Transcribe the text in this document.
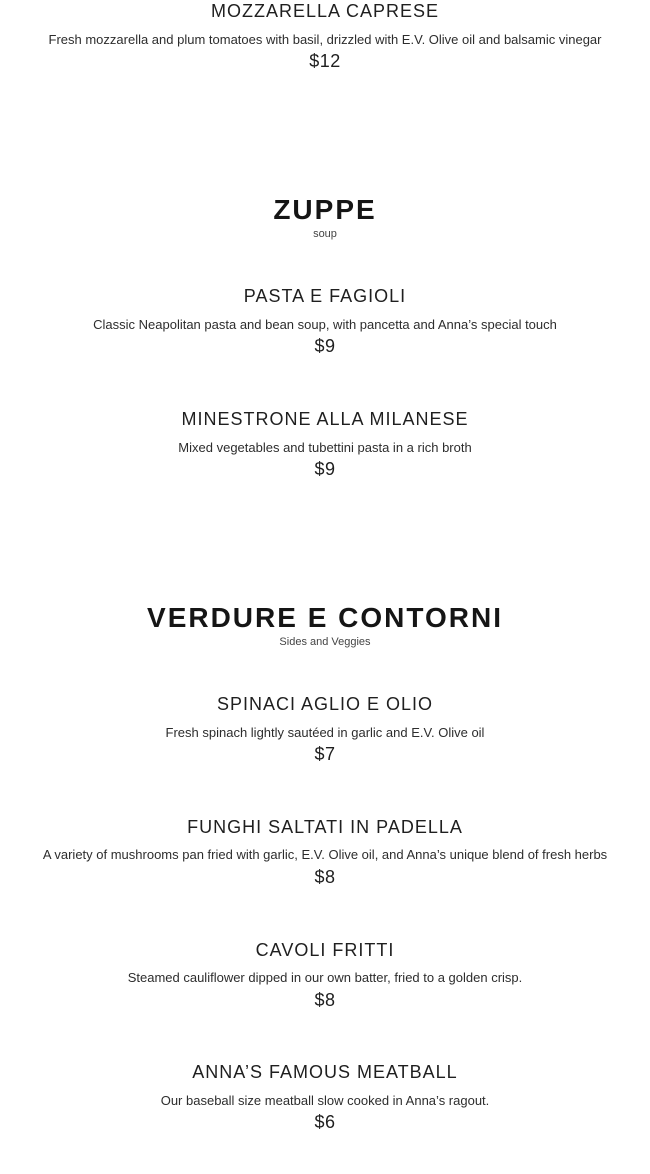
MOZZARELLA CAPRESE
Fresh mozzarella and plum tomatoes with basil, drizzled with E.V. Olive oil and balsamic vinegar
$12
ZUPPE
soup
PASTA E FAGIOLI
Classic Neapolitan pasta and bean soup, with pancetta and Anna’s special touch
$9
MINESTRONE ALLA MILANESE
Mixed vegetables and tubettini pasta in a rich broth
$9
VERDURE E CONTORNI
Sides and Veggies
SPINACI AGLIO E OLIO
Fresh spinach lightly sautéed in garlic and E.V. Olive oil
$7
FUNGHI SALTATI IN PADELLA
A variety of mushrooms pan fried with garlic, E.V. Olive oil, and Anna’s unique blend of fresh herbs
$8
CAVOLI FRITTI
Steamed cauliflower dipped in our own batter, fried to a golden crisp.
$8
ANNA’S FAMOUS MEATBALL
Our baseball size meatball slow cooked in Anna’s ragout.
$6
